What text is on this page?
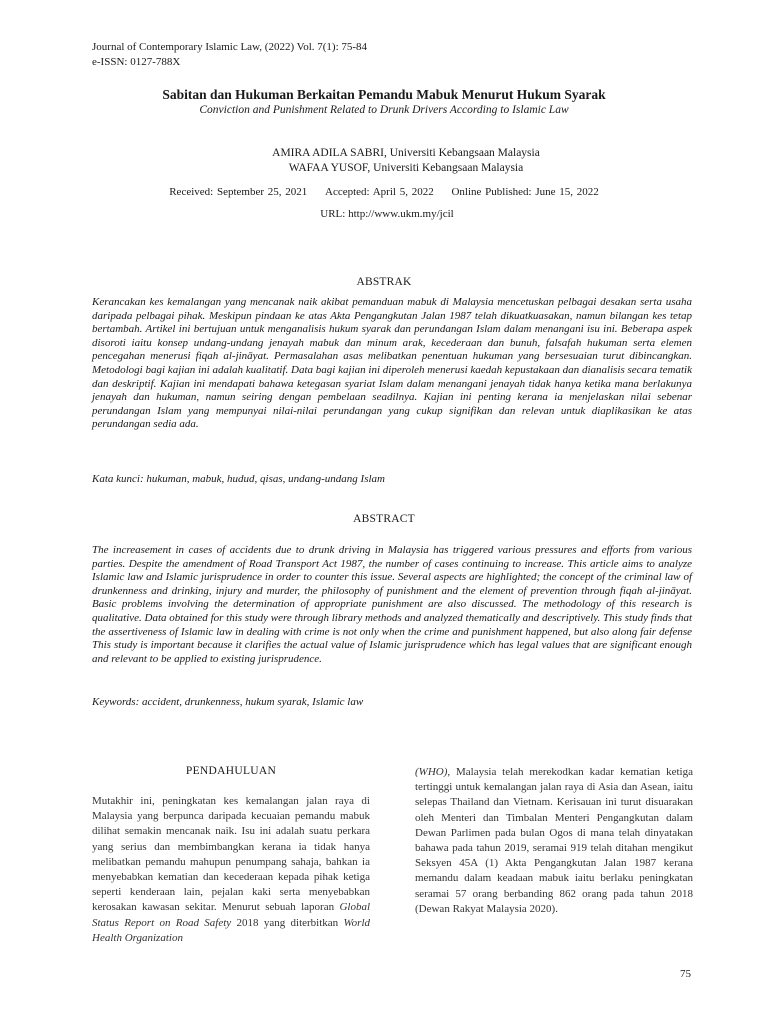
Journal of Contemporary Islamic Law, (2022) Vol. 7(1): 75-84
e-ISSN: 0127-788X
Sabitan dan Hukuman Berkaitan Pemandu Mabuk Menurut Hukum Syarak
Conviction and Punishment Related to Drunk Drivers According to Islamic Law
AMIRA ADILA SABRI, Universiti Kebangsaan Malaysia
WAFAA YUSOF, Universiti Kebangsaan Malaysia
Received: September 25, 2021 Accepted: April 5, 2022 Online Published: June 15, 2022
URL: http://www.ukm.my/jcil
ABSTRAK
Kerancakan kes kemalangan yang mencanak naik akibat pemanduan mabuk di Malaysia mencetuskan pelbagai desakan serta usaha daripada pelbagai pihak. Meskipun pindaan ke atas Akta Pengangkutan Jalan 1987 telah dikuatkuasakan, namun bilangan kes tetap bertambah. Artikel ini bertujuan untuk menganalisis hukum syarak dan perundangan Islam dalam menangani isu ini. Beberapa aspek disoroti iaitu konsep undang-undang jenayah mabuk dan minum arak, kecederaan dan bunuh, falsafah hukuman serta elemen pencegahan menerusi fiqah al-jināyat. Permasalahan asas melibatkan penentuan hukuman yang bersesuaian turut dibincangkan. Metodologi bagi kajian ini adalah kualitatif. Data bagi kajian ini diperoleh menerusi kaedah kepustakaan dan dianalisis secara tematik dan deskriptif. Kajian ini mendapati bahawa ketegasan syariat Islam dalam menangani jenayah tidak hanya ketika mana berlakunya jenayah dan hukuman, namun seiring dengan pembelaan seadilnya. Kajian ini penting kerana ia menjelaskan nilai sebenar perundangan Islam yang mempunyai nilai-nilai perundangan yang cukup signifikan dan relevan untuk diaplikasikan ke atas perundangan sedia ada.
Kata kunci: hukuman, mabuk, hudud, qisas, undang-undang Islam
ABSTRACT
The increasement in cases of accidents due to drunk driving in Malaysia has triggered various pressures and efforts from various parties. Despite the amendment of Road Transport Act 1987, the number of cases continuing to increase. This article aims to analyze Islamic law and Islamic jurisprudence in order to counter this issue. Several aspects are highlighted; the concept of the criminal law of drunkenness and drinking, injury and murder, the philosophy of punishment and the element of prevention through fiqah al-jināyat. Basic problems involving the determination of appropriate punishment are also discussed. The methodology of this research is qualitative. Data obtained for this study were through library methods and analyzed thematically and descriptively. This study finds that the assertiveness of Islamic law in dealing with crime is not only when the crime and punishment happened, but also along fair defense This study is important because it clarifies the actual value of Islamic jurisprudence which has legal values that are significant enough and relevant to be applied to existing jurisprudence.
Keywords: accident, drunkenness, hukum syarak, Islamic law
PENDAHULUAN
Mutakhir ini, peningkatan kes kemalangan jalan raya di Malaysia yang berpunca daripada kecuaian pemandu mabuk dilihat semakin mencanak naik. Isu ini adalah suatu perkara yang serius dan membimbangkan kerana ia tidak hanya melibatkan pemandu mahupun penumpang sahaja, bahkan ia menyebabkan kematian dan kecederaan kepada pihak ketiga seperti kenderaan lain, pejalan kaki serta menyebabkan kerosakan kawasan sekitar. Menurut sebuah laporan Global Status Report on Road Safety 2018 yang diterbitkan World Health Organization
(WHO), Malaysia telah merekodkan kadar kematian ketiga tertinggi untuk kemalangan jalan raya di Asia dan Asean, iaitu selepas Thailand dan Vietnam. Kerisauan ini turut disuarakan oleh Menteri dan Timbalan Menteri Pengangkutan dalam Dewan Parlimen pada bulan Ogos di mana telah dinyatakan bahawa pada tahun 2019, seramai 919 telah ditahan mengikut Seksyen 45A (1) Akta Pengangkutan Jalan 1987 kerana memandu dalam keadaan mabuk iaitu berlaku peningkatan seramai 57 orang berbanding 862 orang pada tahun 2018 (Dewan Rakyat Malaysia 2020).
75
